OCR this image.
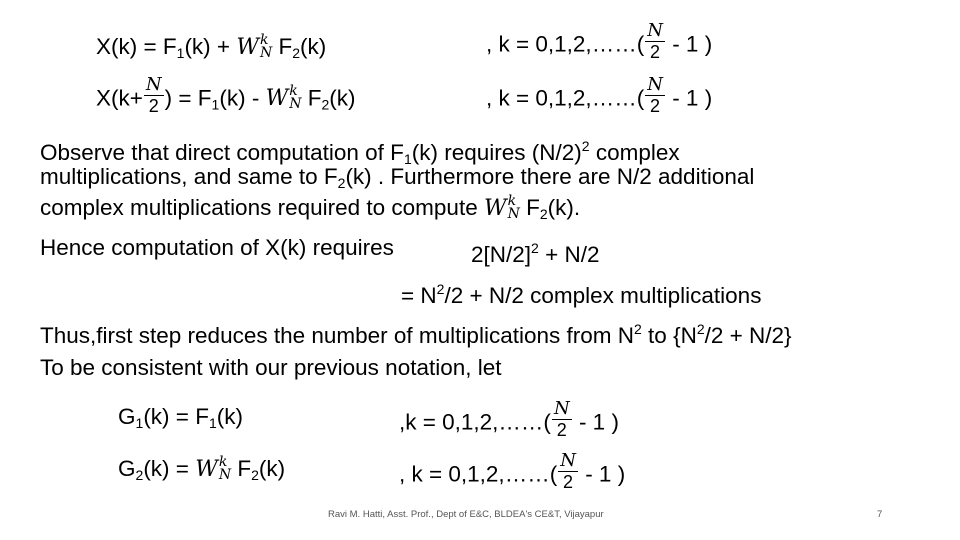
$X(k) = F_1(k) + W$ k
N $F_2(k)$	, k = 0,1,2,……( $\frac{N}{2} - 1$ )
$X(k+ \frac{N}{2}$ ) = $F_1(k)$ - W k
N $F_2(k)$	, k = 0,1,2,……( $\frac{N}{2} - 1$ )
Observe that direct computation of $F_1(k)$ requires $(N/2)^2$ complex
multiplications, and same to $F_2(k)$ . Furthermore there are N/2 additional
complex multiplications required to compute W k
N $F_2(k)$.
Hence computation of X(k) requires	$2[N/2]^2 + N/2$
= $N^2/2 + N/2$ complex multiplications
Thus,first step reduces the number of multiplications from $N^2$ to $\{N^2/2 + N/2\}$
To be consistent with our previous notation, let
$G_1(k) = F_1(k)$	,k = 0,1,2,……( $\frac{N}{2} - 1$ )
$G_2(k) = W$ k
N $F_2(k)$	, k = 0,1,2,……( $\frac{N}{2} - 1$ )
Ravi M. Hatti, Asst. Prof., Dept of E&C, BLDEA's CE&T, Vijayapur	7
